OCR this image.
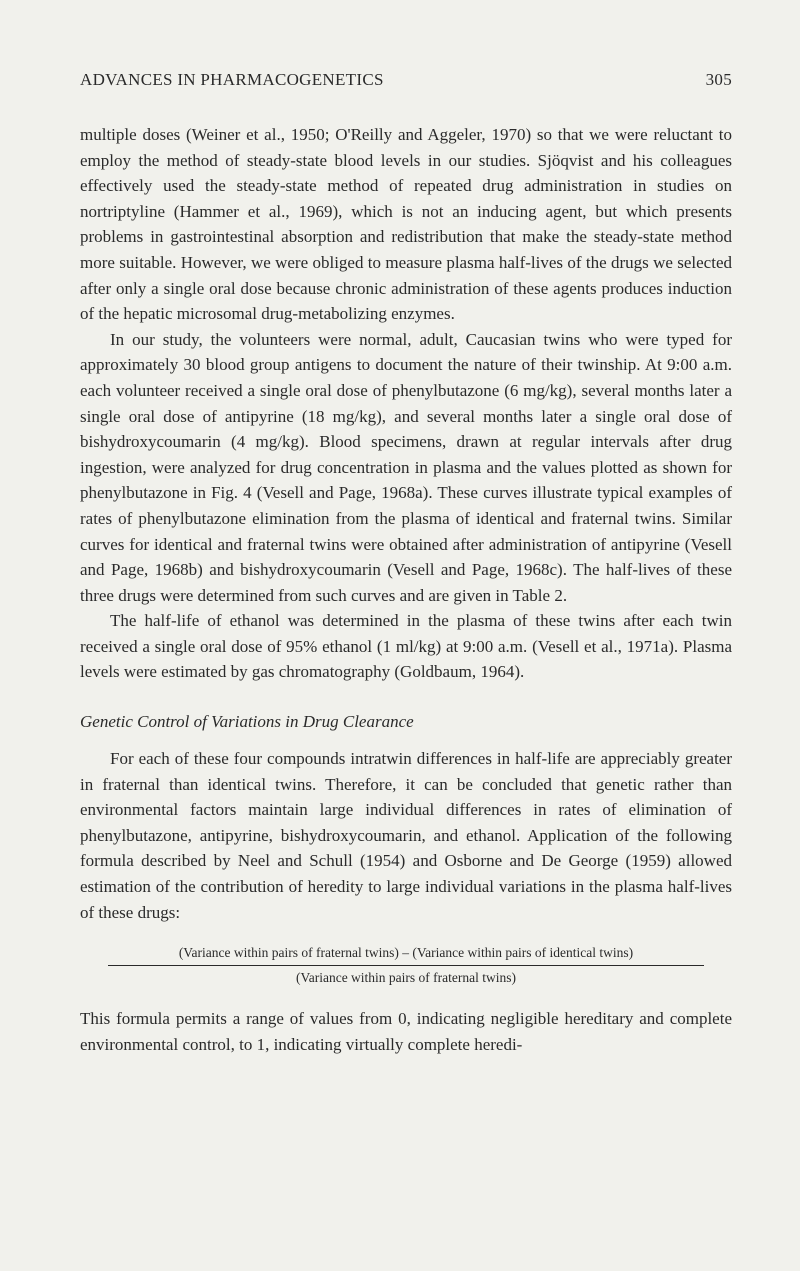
ADVANCES IN PHARMACOGENETICS	305

multiple doses (Weiner et al., 1950; O'Reilly and Aggeler, 1970) so that we were reluctant to employ the method of steady-state blood levels in our studies. Sjöqvist and his colleagues effectively used the steady-state method of repeated drug administration in studies on nortriptyline (Hammer et al., 1969), which is not an inducing agent, but which presents problems in gastrointestinal absorption and redistribution that make the steady-state method more suitable. However, we were obliged to measure plasma half-lives of the drugs we selected after only a single oral dose because chronic administration of these agents produces induction of the hepatic microsomal drug-metabolizing enzymes.

In our study, the volunteers were normal, adult, Caucasian twins who were typed for approximately 30 blood group antigens to document the nature of their twinship. At 9:00 a.m. each volunteer received a single oral dose of phenylbutazone (6 mg/kg), several months later a single oral dose of antipyrine (18 mg/kg), and several months later a single oral dose of bishydroxycoumarin (4 mg/kg). Blood specimens, drawn at regular intervals after drug ingestion, were analyzed for drug concentration in plasma and the values plotted as shown for phenylbutazone in Fig. 4 (Vesell and Page, 1968a). These curves illustrate typical examples of rates of phenylbutazone elimination from the plasma of identical and fraternal twins. Similar curves for identical and fraternal twins were obtained after administration of antipyrine (Vesell and Page, 1968b) and bishydroxycoumarin (Vesell and Page, 1968c). The half-lives of these three drugs were determined from such curves and are given in Table 2.

The half-life of ethanol was determined in the plasma of these twins after each twin received a single oral dose of 95% ethanol (1 ml/kg) at 9:00 a.m. (Vesell et al., 1971a). Plasma levels were estimated by gas chromatography (Goldbaum, 1964).

Genetic Control of Variations in Drug Clearance

For each of these four compounds intratwin differences in half-life are appreciably greater in fraternal than identical twins. Therefore, it can be concluded that genetic rather than environmental factors maintain large individual differences in rates of elimination of phenylbutazone, antipyrine, bishydroxycoumarin, and ethanol. Application of the following formula described by Neel and Schull (1954) and Osborne and De George (1959) allowed estimation of the contribution of heredity to large individual variations in the plasma half-lives of these drugs:

(Variance within pairs of fraternal twins) – (Variance within pairs of identical twins)
(Variance within pairs of fraternal twins)

This formula permits a range of values from 0, indicating negligible hereditary and complete environmental control, to 1, indicating virtually complete heredi-
